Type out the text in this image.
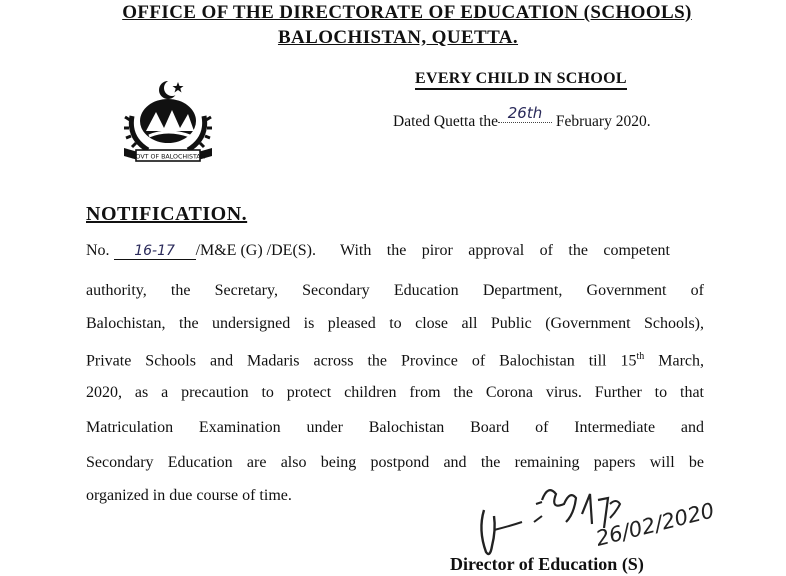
OFFICE OF THE DIRECTORATE OF EDUCATION (SCHOOLS)
BALOCHISTAN, QUETTA.
EVERY CHILD IN SCHOOL
GOVT OF BALOCHISTAN
Dated Quetta the 26th February 2020.
NOTIFICATION.
No. 16-17 /M&E (G) /DE(S). With the piror approval of the competent
authority, the Secretary, Secondary Education Department, Government of
Balochistan, the undersigned is pleased to close all Public (Government Schools),
Private Schools and Madaris across the Province of Balochistan till 15th March,
2020, as a precaution to protect children from the Corona virus. Further to that
Matriculation Examination under Balochistan Board of Intermediate and
Secondary Education are also being postpond and the remaining papers will be
organized in due course of time.
26/02/2020
Director of Education (S)
